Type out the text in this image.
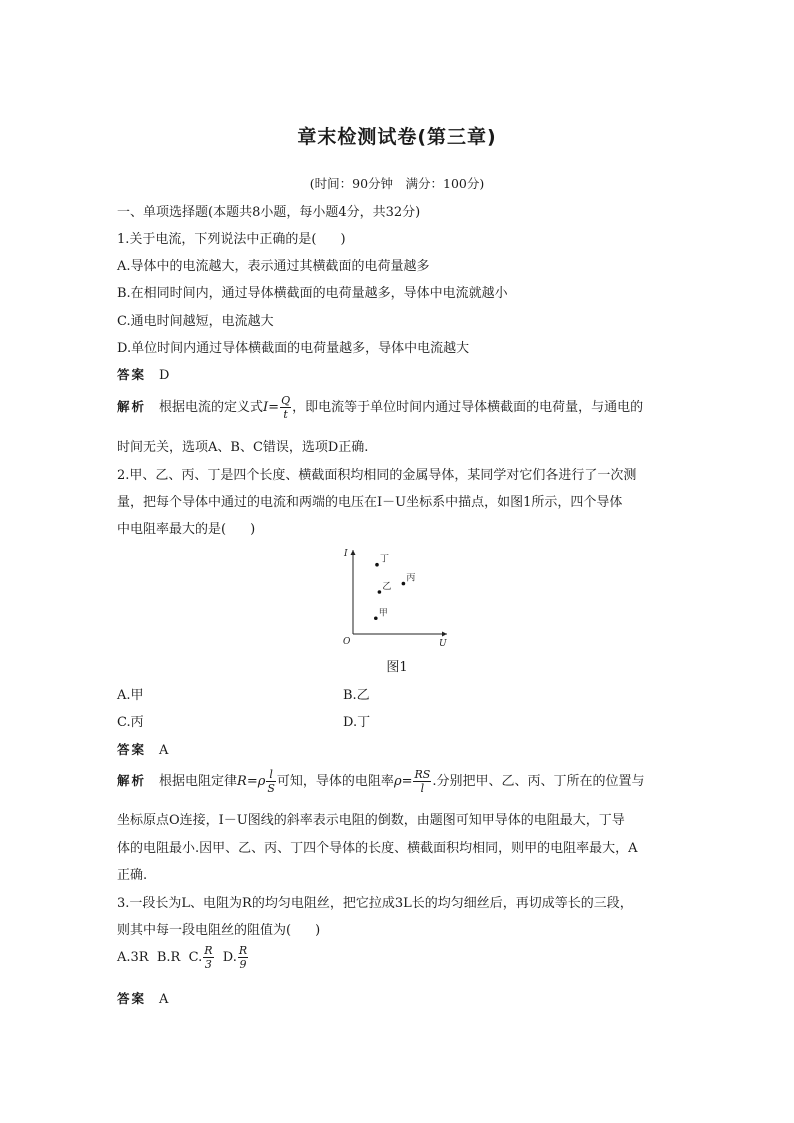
章末检测试卷(第三章)
(时间：90分钟　满分：100分)
一、单项选择题(本题共8小题，每小题4分，共32分)
1.关于电流，下列说法中正确的是( )
A.导体中的电流越大，表示通过其横截面的电荷量越多
B.在相同时间内，通过导体横截面的电荷量越多，导体中电流就越小
C.通电时间越短，电流越大
D.单位时间内通过导体横截面的电荷量越多，导体中电流越大
答案　 D
解析　 根据电流的定义式$I= \frac{Q}{t}$ ，即电流等于单位时间内通过导体横截面的电荷量，与通电的
时间无关，选项A、B、C错误，选项D正确.
2.甲、乙、丙、丁是四个长度、横截面积均相同的金属导体，某同学对它们各进行了一次测
量，把每个导体中通过的电流和两端的电压在I－U坐标系中描点，如图1所示，四个导体
中电阻率最大的是( )
I
U
O
丁
乙
丙
甲
图1
A.甲	B.乙
C.丙	D.丁
答案　 A
解析　 根据电阻定律$R=\rho \frac{l}{S}$ 可知，导体的电阻率$\rho= \frac{RS}{l}$ .分别把甲、乙、丙、丁所在的位置与
坐标原点O连接，I－U图线的斜率表示电阻的倒数，由题图可知甲导体的电阻最大，丁导
体的电阻最小.因甲、乙、丙、丁四个导体的长度、横截面积均相同，则甲的电阻率最大，A
正确.
3.一段长为L、电阻为R的均匀电阻丝，把它拉成3L长的均匀细丝后，再切成等长的三段，
则其中每一段电阻丝的阻值为( )
A.3R B.R C. $\frac{R}{3} D$. $\frac{R}{9}$
答案　 A
